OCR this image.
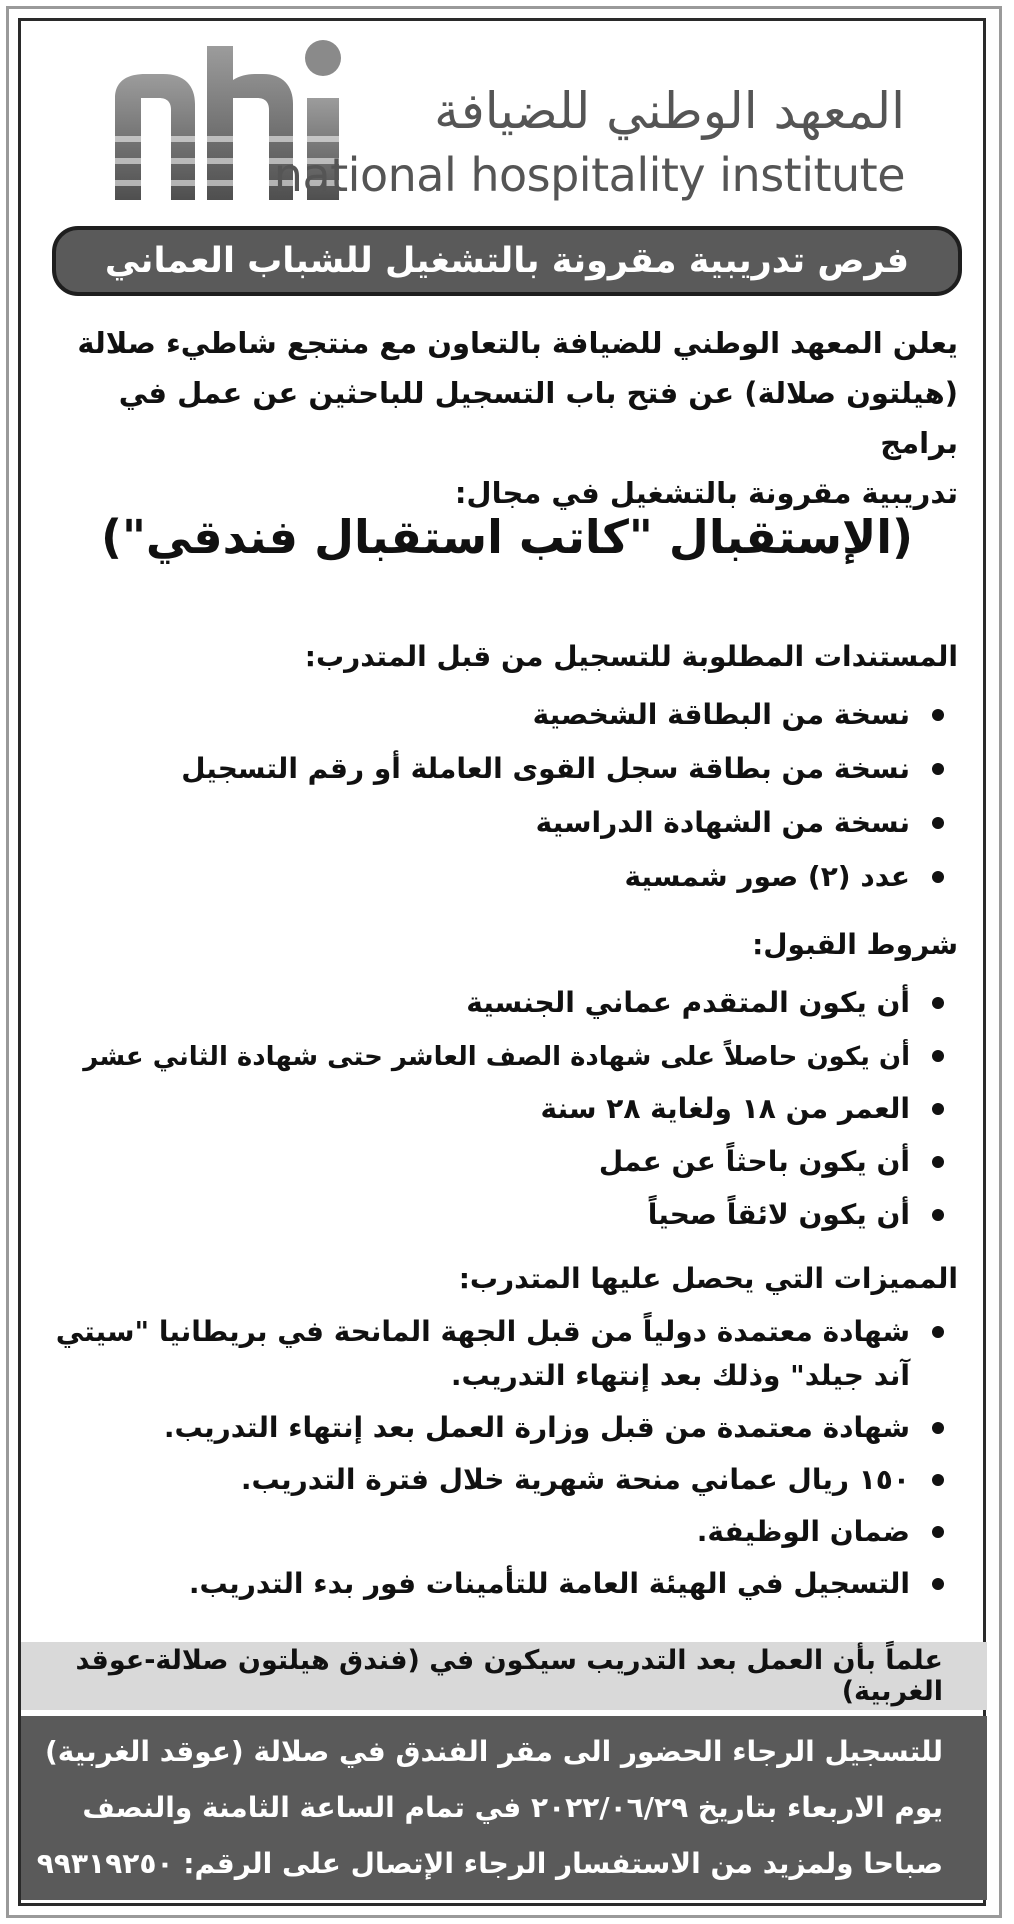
المعهد الوطني للضيافة
national hospitality institute
فرص تدريبية مقرونة بالتشغيل للشباب العماني
يعلن المعهد الوطني للضيافة بالتعاون مع منتجع شاطيء صلالة
(هيلتون صلالة) عن فتح باب التسجيل للباحثين عن عمل في برامج
تدريبية مقرونة بالتشغيل في مجال:
(الإستقبال "كاتب استقبال فندقي")
المستندات المطلوبة للتسجيل من قبل المتدرب:
نسخة من البطاقة الشخصية
نسخة من بطاقة سجل القوى العاملة أو رقم التسجيل
نسخة من الشهادة الدراسية
عدد (٢) صور شمسية
شروط القبول:
أن يكون المتقدم عماني الجنسية
أن يكون حاصلاً على شهادة الصف العاشر حتى شهادة الثاني عشر
العمر من ١٨ ولغاية ٢٨ سنة
أن يكون باحثاً عن عمل
أن يكون لائقاً صحياً
المميزات التي يحصل عليها المتدرب:
شهادة معتمدة دولياً من قبل الجهة المانحة في بريطانيا "سيتي آند جيلد" وذلك بعد إنتهاء التدريب.
شهادة معتمدة من قبل وزارة العمل بعد إنتهاء التدريب.
١٥٠ ريال عماني منحة شهرية خلال فترة التدريب.
ضمان الوظيفة.
التسجيل في الهيئة العامة للتأمينات فور بدء التدريب.
علماً بأن العمل بعد التدريب سيكون في (فندق هيلتون صلالة-عوقد الغربية)
للتسجيل الرجاء الحضور الى مقر الفندق في صلالة (عوقد الغربية)
يوم الاربعاء بتاريخ ٢٠٢٢/٠٦/٢٩ في تمام الساعة الثامنة والنصف
صباحا ولمزيد من الاستفسار الرجاء الإتصال على الرقم: ٩٩٣١٩٢٥٠
